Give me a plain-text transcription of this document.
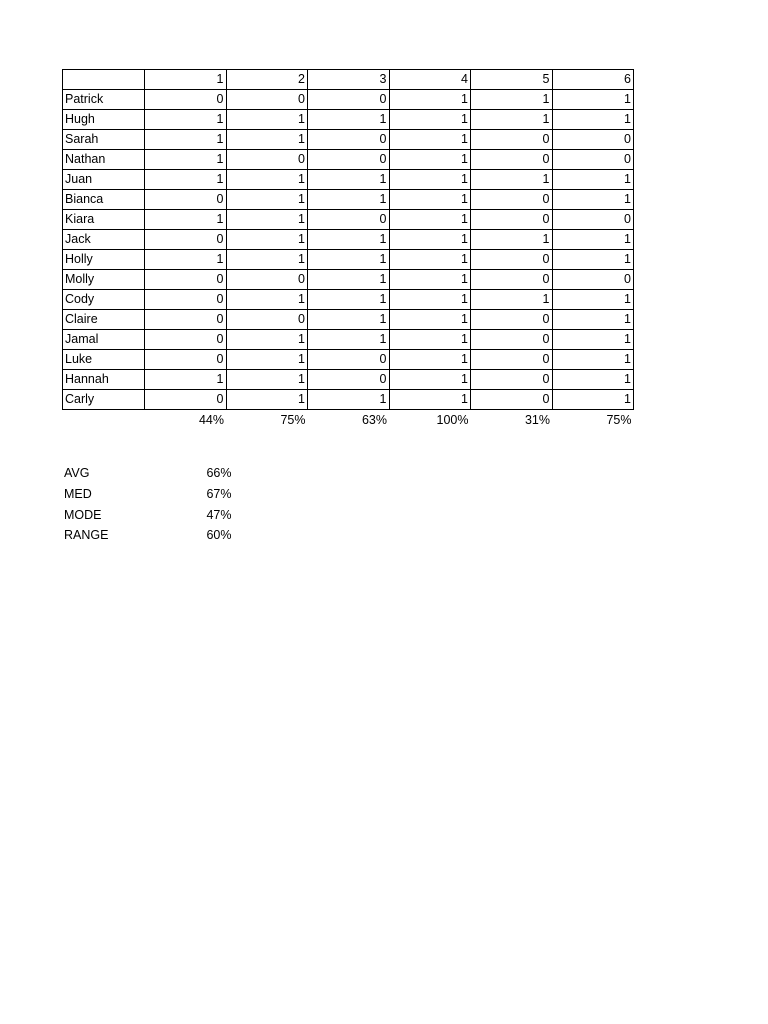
	1	2	3	4	5	6
Patrick	0	0	0	1	1	1
Hugh	1	1	1	1	1	1
Sarah	1	1	0	1	0	0
Nathan	1	0	0	1	0	0
Juan	1	1	1	1	1	1
Bianca	0	1	1	1	0	1
Kiara	1	1	0	1	0	0
Jack	0	1	1	1	1	1
Holly	1	1	1	1	0	1
Molly	0	0	1	1	0	0
Cody	0	1	1	1	1	1
Claire	0	0	1	1	0	1
Jamal	0	1	1	1	0	1
Luke	0	1	0	1	0	1
Hannah	1	1	0	1	0	1
Carly	0	1	1	1	0	1
	44%	75%	63%	100%	31%	75%
AVG	66%
MED	67%
MODE	47%
RANGE	60%
